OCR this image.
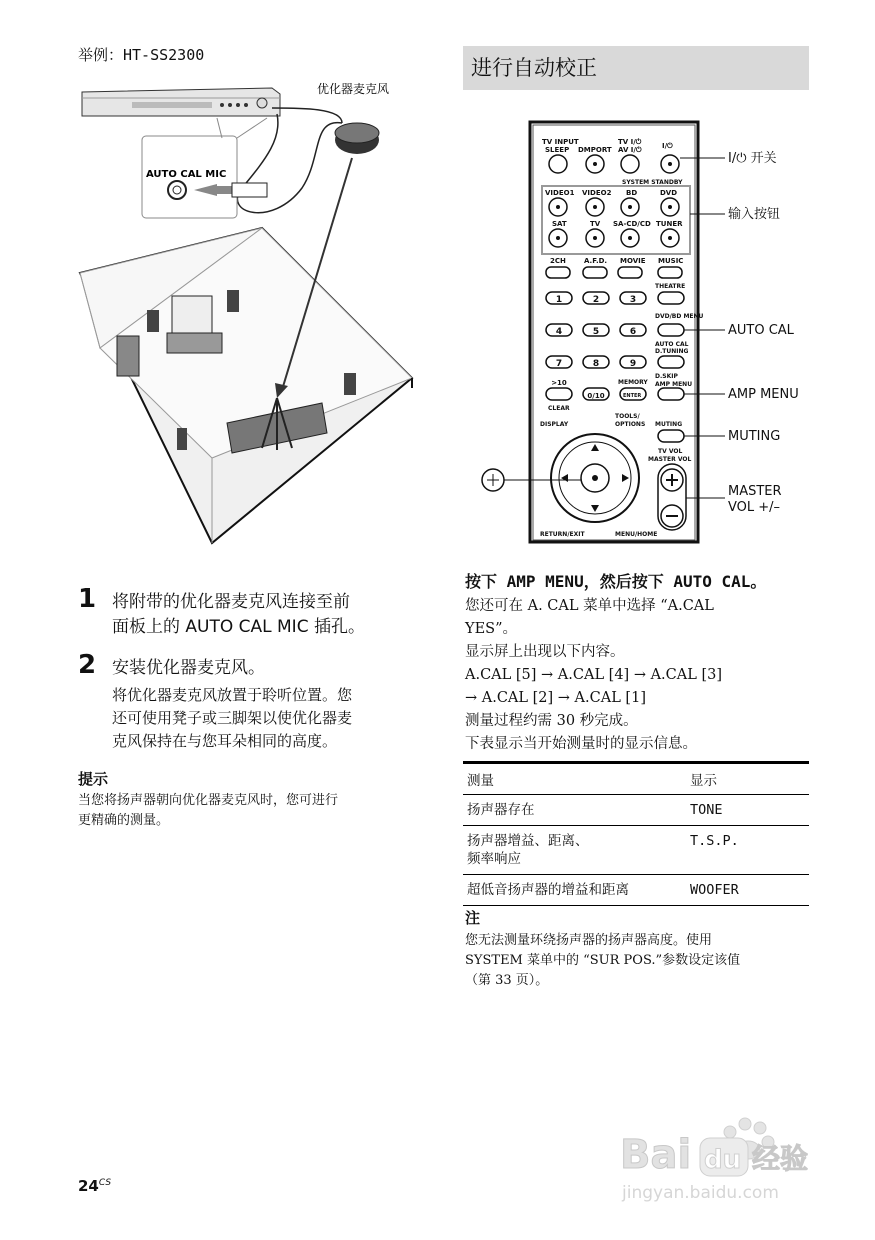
举例：HT-SS2300
优化器麦克风
AUTO CAL MIC
1 将附带的优化器麦克风连接至前
面板上的 AUTO CAL MIC 插孔。
2 安装优化器麦克风。
将优化器麦克风放置于聆听位置。您
还可使用凳子或三脚架以使优化器麦
克风保持在与您耳朵相同的高度。
提示
当您将扬声器朝向优化器麦克风时，您可进行
更精确的测量。
进行自动校正
TV INPUT
SLEEP DMPORT
TV I/⏻
AV I/⏻	I/⏻
SYSTEM STANDBY
VIDEO1 VIDEO2 BD	DVD
SAT	TV SA-CD/CD TUNER
2CH	A.F.D. MOVIE MUSIC
1	2	3
4	5	6
7	8	9
>10
0/10
THEATRE
DVD/BD MENU
AUTO CAL
D.TUNING
D.SKIP
AMP MENU
MEMORY
ENTER
CLEAR
TOOLS/
OPTIONS MUTING
DISPLAY
TV VOL
MASTER VOL
RETURN/EXIT	MENU/HOME
I/⏻ 开关
输入按钮
AUTO CAL
AMP MENU
MUTING
MASTER
VOL +/–
按下 AMP MENU，然后按下 AUTO CAL。
您还可在 A. CAL 菜单中选择 “A.CAL
YES”。
显示屏上出现以下内容。
A.CAL [5] → A.CAL [4] → A.CAL [3]
→ A.CAL [2] → A.CAL [1]
测量过程约需 30 秒完成。
下表显示当开始测量时的显示信息。
测量	显示
扬声器存在	TONE

扬声器增益、距离、
频率响应	T.S.P.
超低音扬声器的增益和距离	WOOFER
注
您无法测量环绕扬声器的扬声器高度。使用
SYSTEM 菜单中的 “SUR POS.”参数设定该值
（第 33 页）。
$24^{CS}$
Bai du 经验
jingyan.baidu.com
